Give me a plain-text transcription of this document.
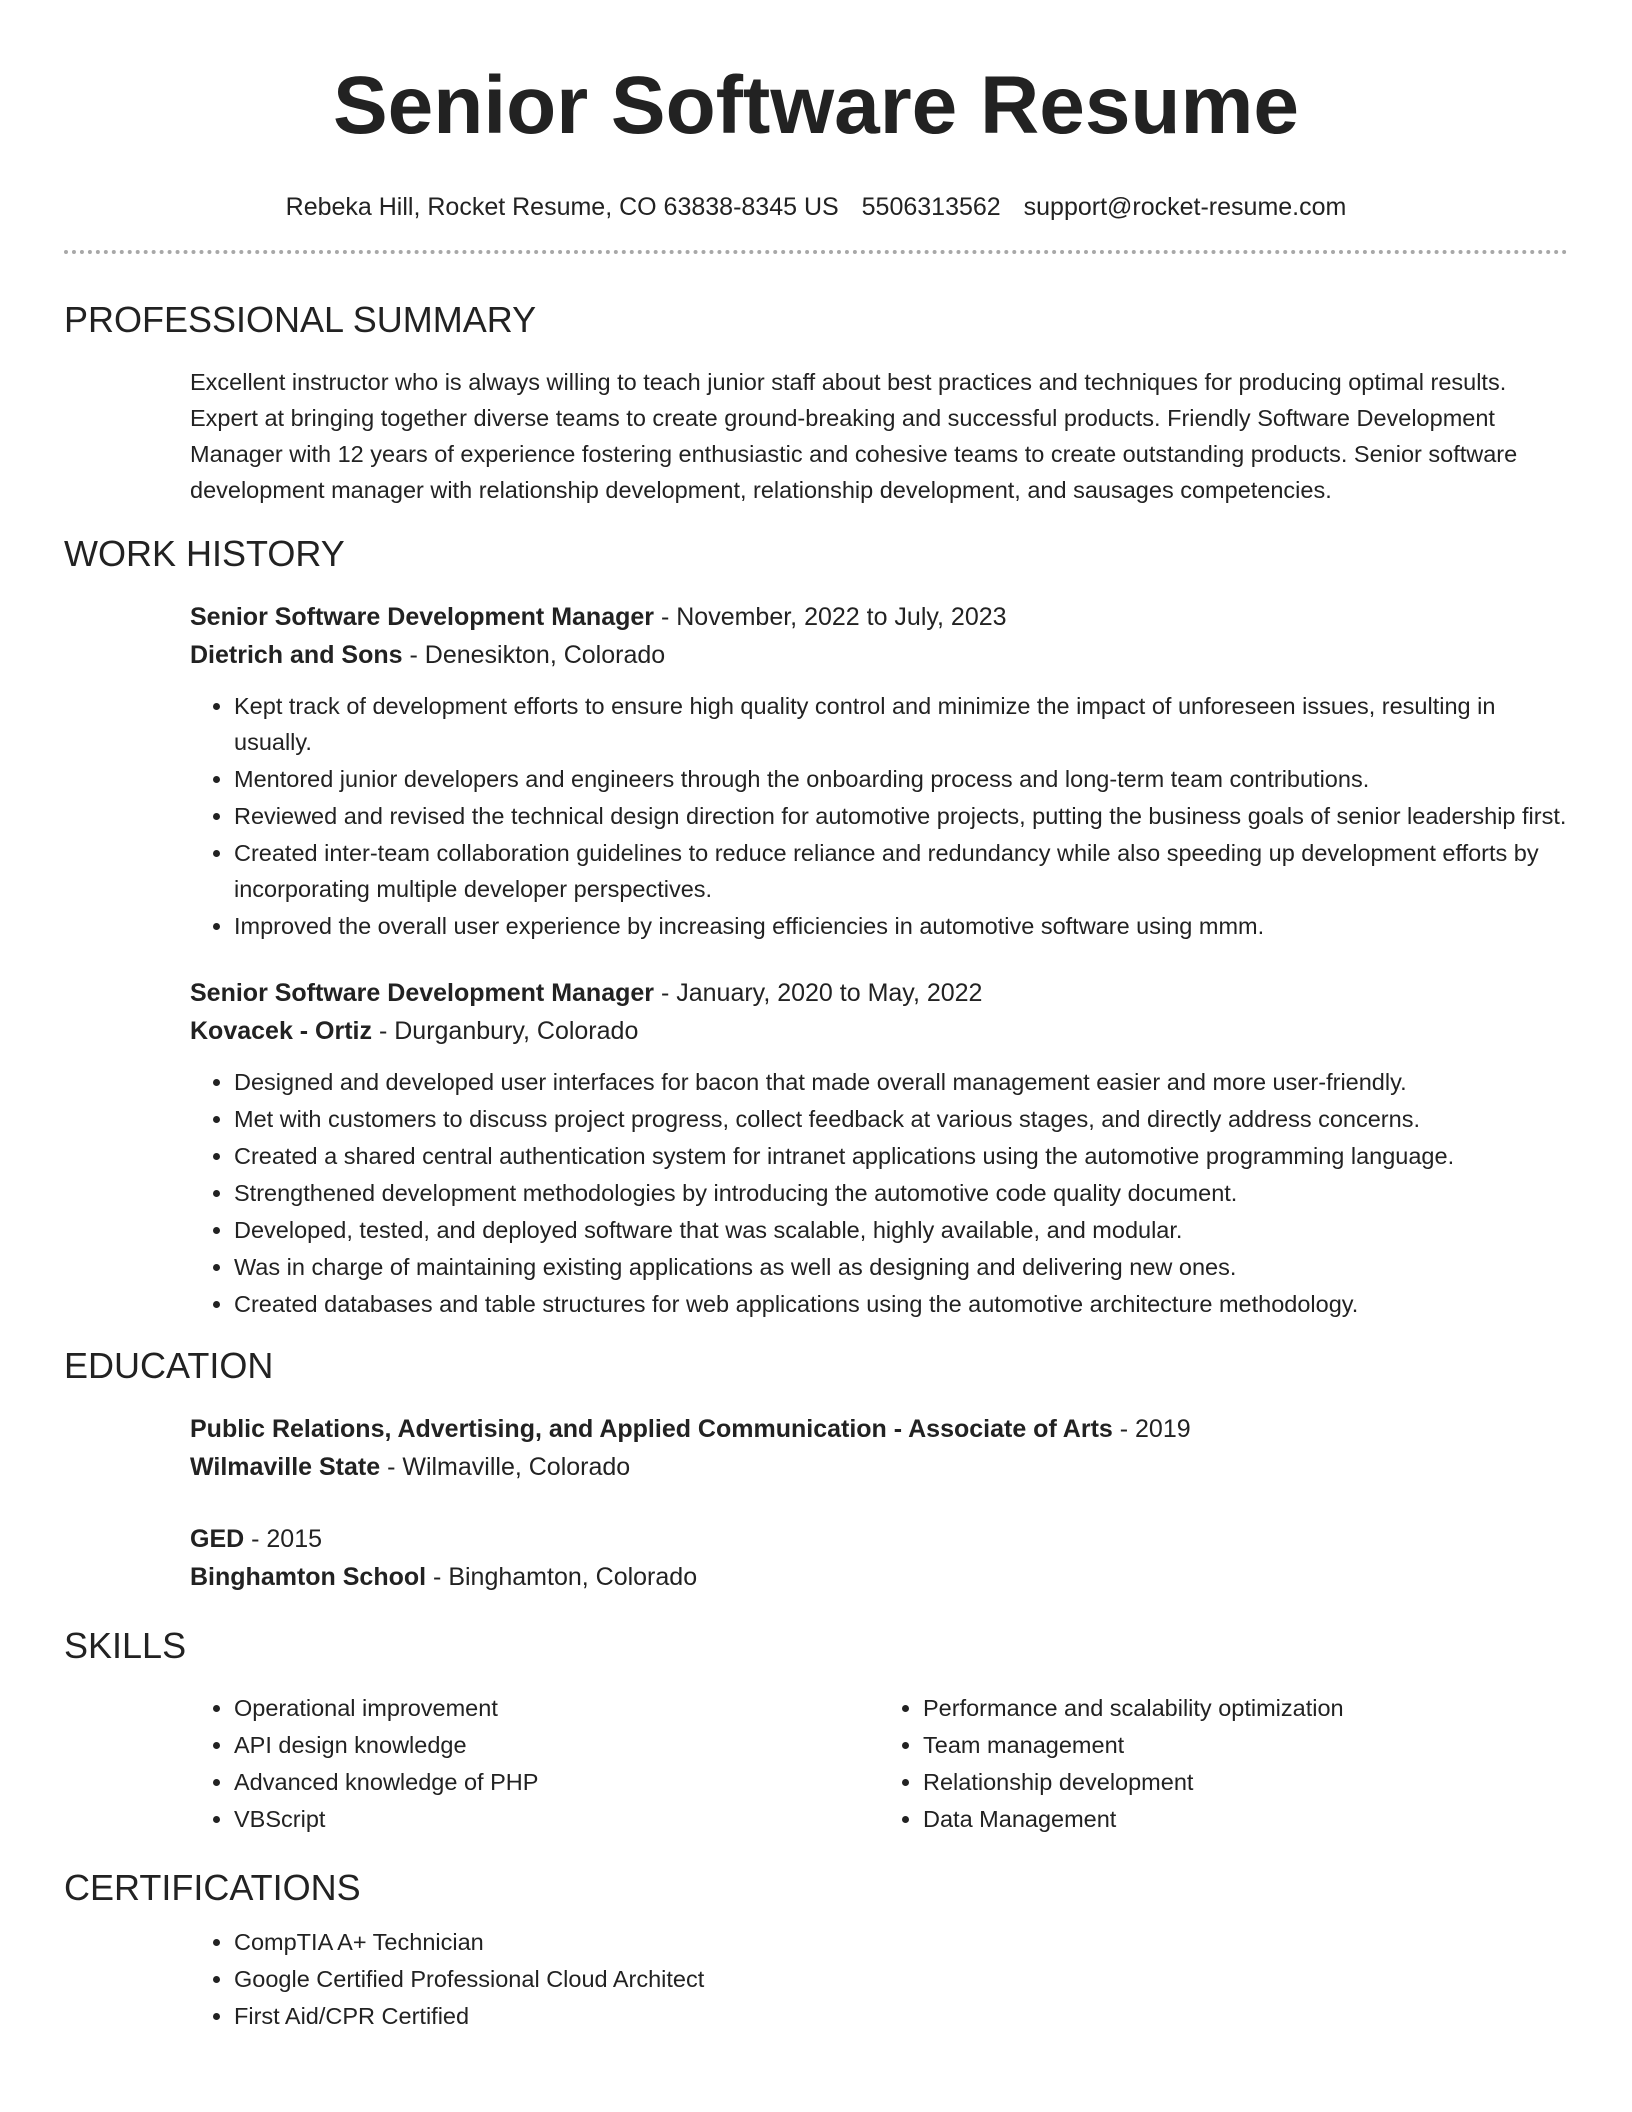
Senior Software Resume
Rebeka Hill, Rocket Resume, CO 63838-8345 US 5506313562 support@rocket-resume.com
PROFESSIONAL SUMMARY

Excellent instructor who is always willing to teach junior staff about best practices and techniques for producing optimal results. Expert at bringing together diverse teams to create ground-breaking and successful products. Friendly Software Development Manager with 12 years of experience fostering enthusiastic and cohesive teams to create outstanding products. Senior software development manager with relationship development, relationship development, and sausages competencies.

WORK HISTORY
Senior Software Development Manager - November, 2022 to July, 2023
Dietrich and Sons - Denesikton, Colorado
• Kept track of development efforts to ensure high quality control and minimize the impact of unforeseen issues, resulting in usually.
• Mentored junior developers and engineers through the onboarding process and long-term team contributions.
• Reviewed and revised the technical design direction for automotive projects, putting the business goals of senior leadership first.
• Created inter-team collaboration guidelines to reduce reliance and redundancy while also speeding up development efforts by incorporating multiple developer perspectives.
• Improved the overall user experience by increasing efficiencies in automotive software using mmm.
Senior Software Development Manager - January, 2020 to May, 2022
Kovacek - Ortiz - Durganbury, Colorado
• Designed and developed user interfaces for bacon that made overall management easier and more user-friendly.
• Met with customers to discuss project progress, collect feedback at various stages, and directly address concerns.
• Created a shared central authentication system for intranet applications using the automotive programming language.
• Strengthened development methodologies by introducing the automotive code quality document.
• Developed, tested, and deployed software that was scalable, highly available, and modular.
• Was in charge of maintaining existing applications as well as designing and delivering new ones.
• Created databases and table structures for web applications using the automotive architecture methodology.
EDUCATION
Public Relations, Advertising, and Applied Communication - Associate of Arts - 2019
Wilmaville State - Wilmaville, Colorado
GED - 2015
Binghamton School - Binghamton, Colorado
SKILLS
• Operational improvement
• API design knowledge
• Advanced knowledge of PHP
• VBScript
• Performance and scalability optimization
• Team management
• Relationship development
• Data Management
CERTIFICATIONS
• CompTIA A+ Technician
• Google Certified Professional Cloud Architect
• First Aid/CPR Certified
